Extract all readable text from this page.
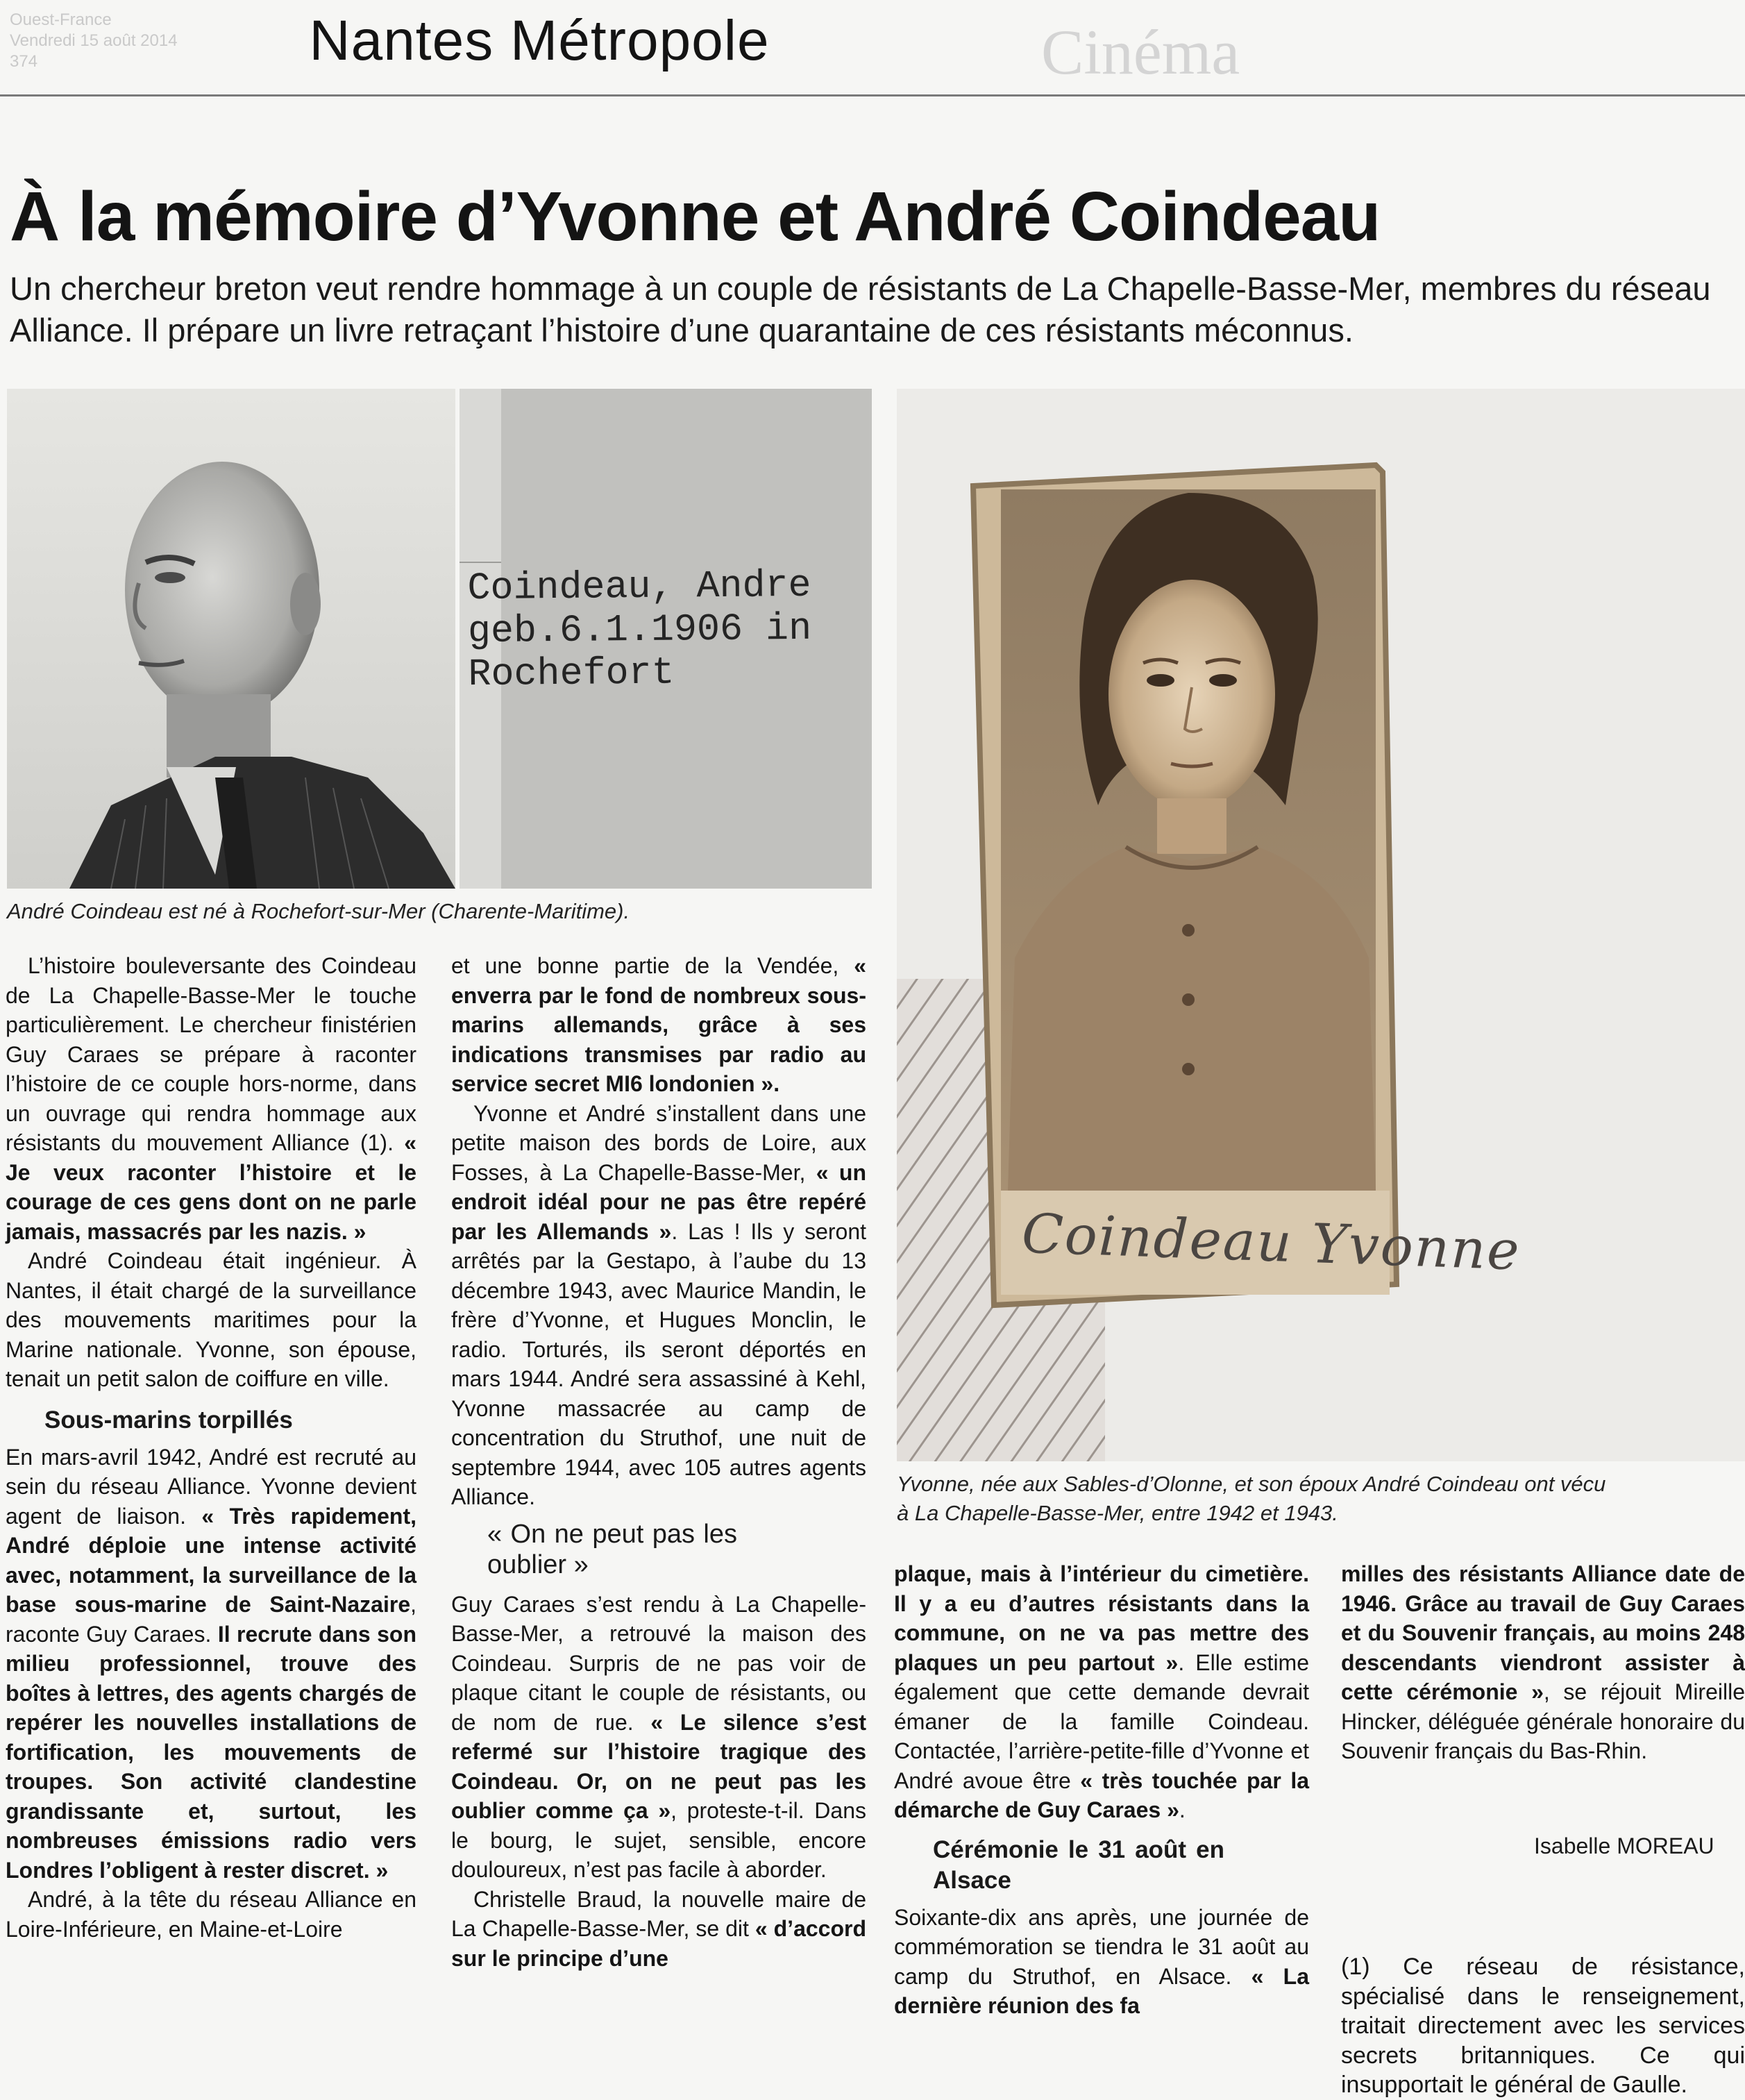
Ouest-France
Vendredi 15 août 2014
374	Nantes Métropole	Cinéma
À la mémoire d’Yvonne et André Coindeau
Un chercheur breton veut rendre hommage à un couple de résistants de La Chapelle-Basse-Mer, membres du réseau Alliance. Il prépare un livre retraçant l’histoire d’une quarantaine de ces résistants méconnus.
Coindeau, Andre
geb.6.1.1906 in
Rochefort
André Coindeau est né à Rochefort-sur-Mer (Charente-Maritime).
Coindeau Yvonne
Yvonne, née aux Sables-d’Olonne, et son époux André Coindeau ont vécu
à La Chapelle-Basse-Mer, entre 1942 et 1943.

L’histoire bouleversante des Coindeau de La Chapelle-Basse-Mer le touche particulièrement. Le chercheur finistérien Guy Caraes se prépare à raconter l’histoire de ce couple hors-norme, dans un ouvrage qui rendra hommage aux résistants du mouvement Alliance (1). « Je veux raconter l’histoire et le courage de ces gens dont on ne parle jamais, massacrés par les nazis. »

André Coindeau était ingénieur. À Nantes, il était chargé de la surveillance des mouvements maritimes pour la Marine nationale. Yvonne, son épouse, tenait un petit salon de coiffure en ville.

Sous-marins torpillés

En mars-avril 1942, André est recruté au sein du réseau Alliance. Yvonne devient agent de liaison. « Très rapidement, André déploie une intense activité avec, notamment, la surveillance de la base sous-marine de Saint-Nazaire, raconte Guy Caraes. Il recrute dans son milieu professionnel, trouve des boîtes à lettres, des agents chargés de repérer les nouvelles installations de fortification, les mouvements de troupes. Son activité clandestine grandissante et, surtout, les nombreuses émissions radio vers Londres l’obligent à rester discret. »

André, à la tête du réseau Alliance en Loire-Inférieure, en Maine-et-Loire

et une bonne partie de la Vendée, « enverra par le fond de nombreux sous-marins allemands, grâce à ses indications transmises par radio au service secret MI6 londonien ».

Yvonne et André s’installent dans une petite maison des bords de Loire, aux Fosses, à La Chapelle-Basse-Mer, « un endroit idéal pour ne pas être repéré par les Allemands ». Las ! Ils y seront arrêtés par la Gestapo, à l’aube du 13 décembre 1943, avec Maurice Mandin, le frère d’Yvonne, et Hugues Monclin, le radio. Torturés, ils seront déportés en mars 1944. André sera assassiné à Kehl, Yvonne massacrée au camp de concentration du Struthof, une nuit de septembre 1944, avec 105 autres agents Alliance.

« On ne peut pas les oublier »

Guy Caraes s’est rendu à La Chapelle-Basse-Mer, a retrouvé la maison des Coindeau. Surpris de ne pas voir de plaque citant le couple de résistants, ou de nom de rue. « Le silence s’est refermé sur l’histoire tragique des Coindeau. Or, on ne peut pas les oublier comme ça », proteste-t-il. Dans le bourg, le sujet, sensible, encore douloureux, n’est pas facile à aborder.

Christelle Braud, la nouvelle maire de La Chapelle-Basse-Mer, se dit « d’accord sur le principe d’une

plaque, mais à l’intérieur du cimetière. Il y a eu d’autres résistants dans la commune, on ne va pas mettre des plaques un peu partout ». Elle estime également que cette demande devrait émaner de la famille Coindeau. Contactée, l’arrière-petite-fille d’Yvonne et André avoue être « très touchée par la démarche de Guy Caraes ».

Cérémonie le 31 août en Alsace

Soixante-dix ans après, une journée de commémoration se tiendra le 31 août au camp du Struthof, en Alsace. « La dernière réunion des fa

milles des résistants Alliance date de 1946. Grâce au travail de Guy Caraes et du Souvenir français, au moins 248 descendants viendront assister à cette cérémonie », se réjouit Mireille Hincker, déléguée générale honoraire du Souvenir français du Bas-Rhin.

Isabelle MOREAU

(1) Ce réseau de résistance, spécialisé dans le renseignement, traitait directement avec les services secrets britanniques. Ce qui insupportait le général de Gaulle.
